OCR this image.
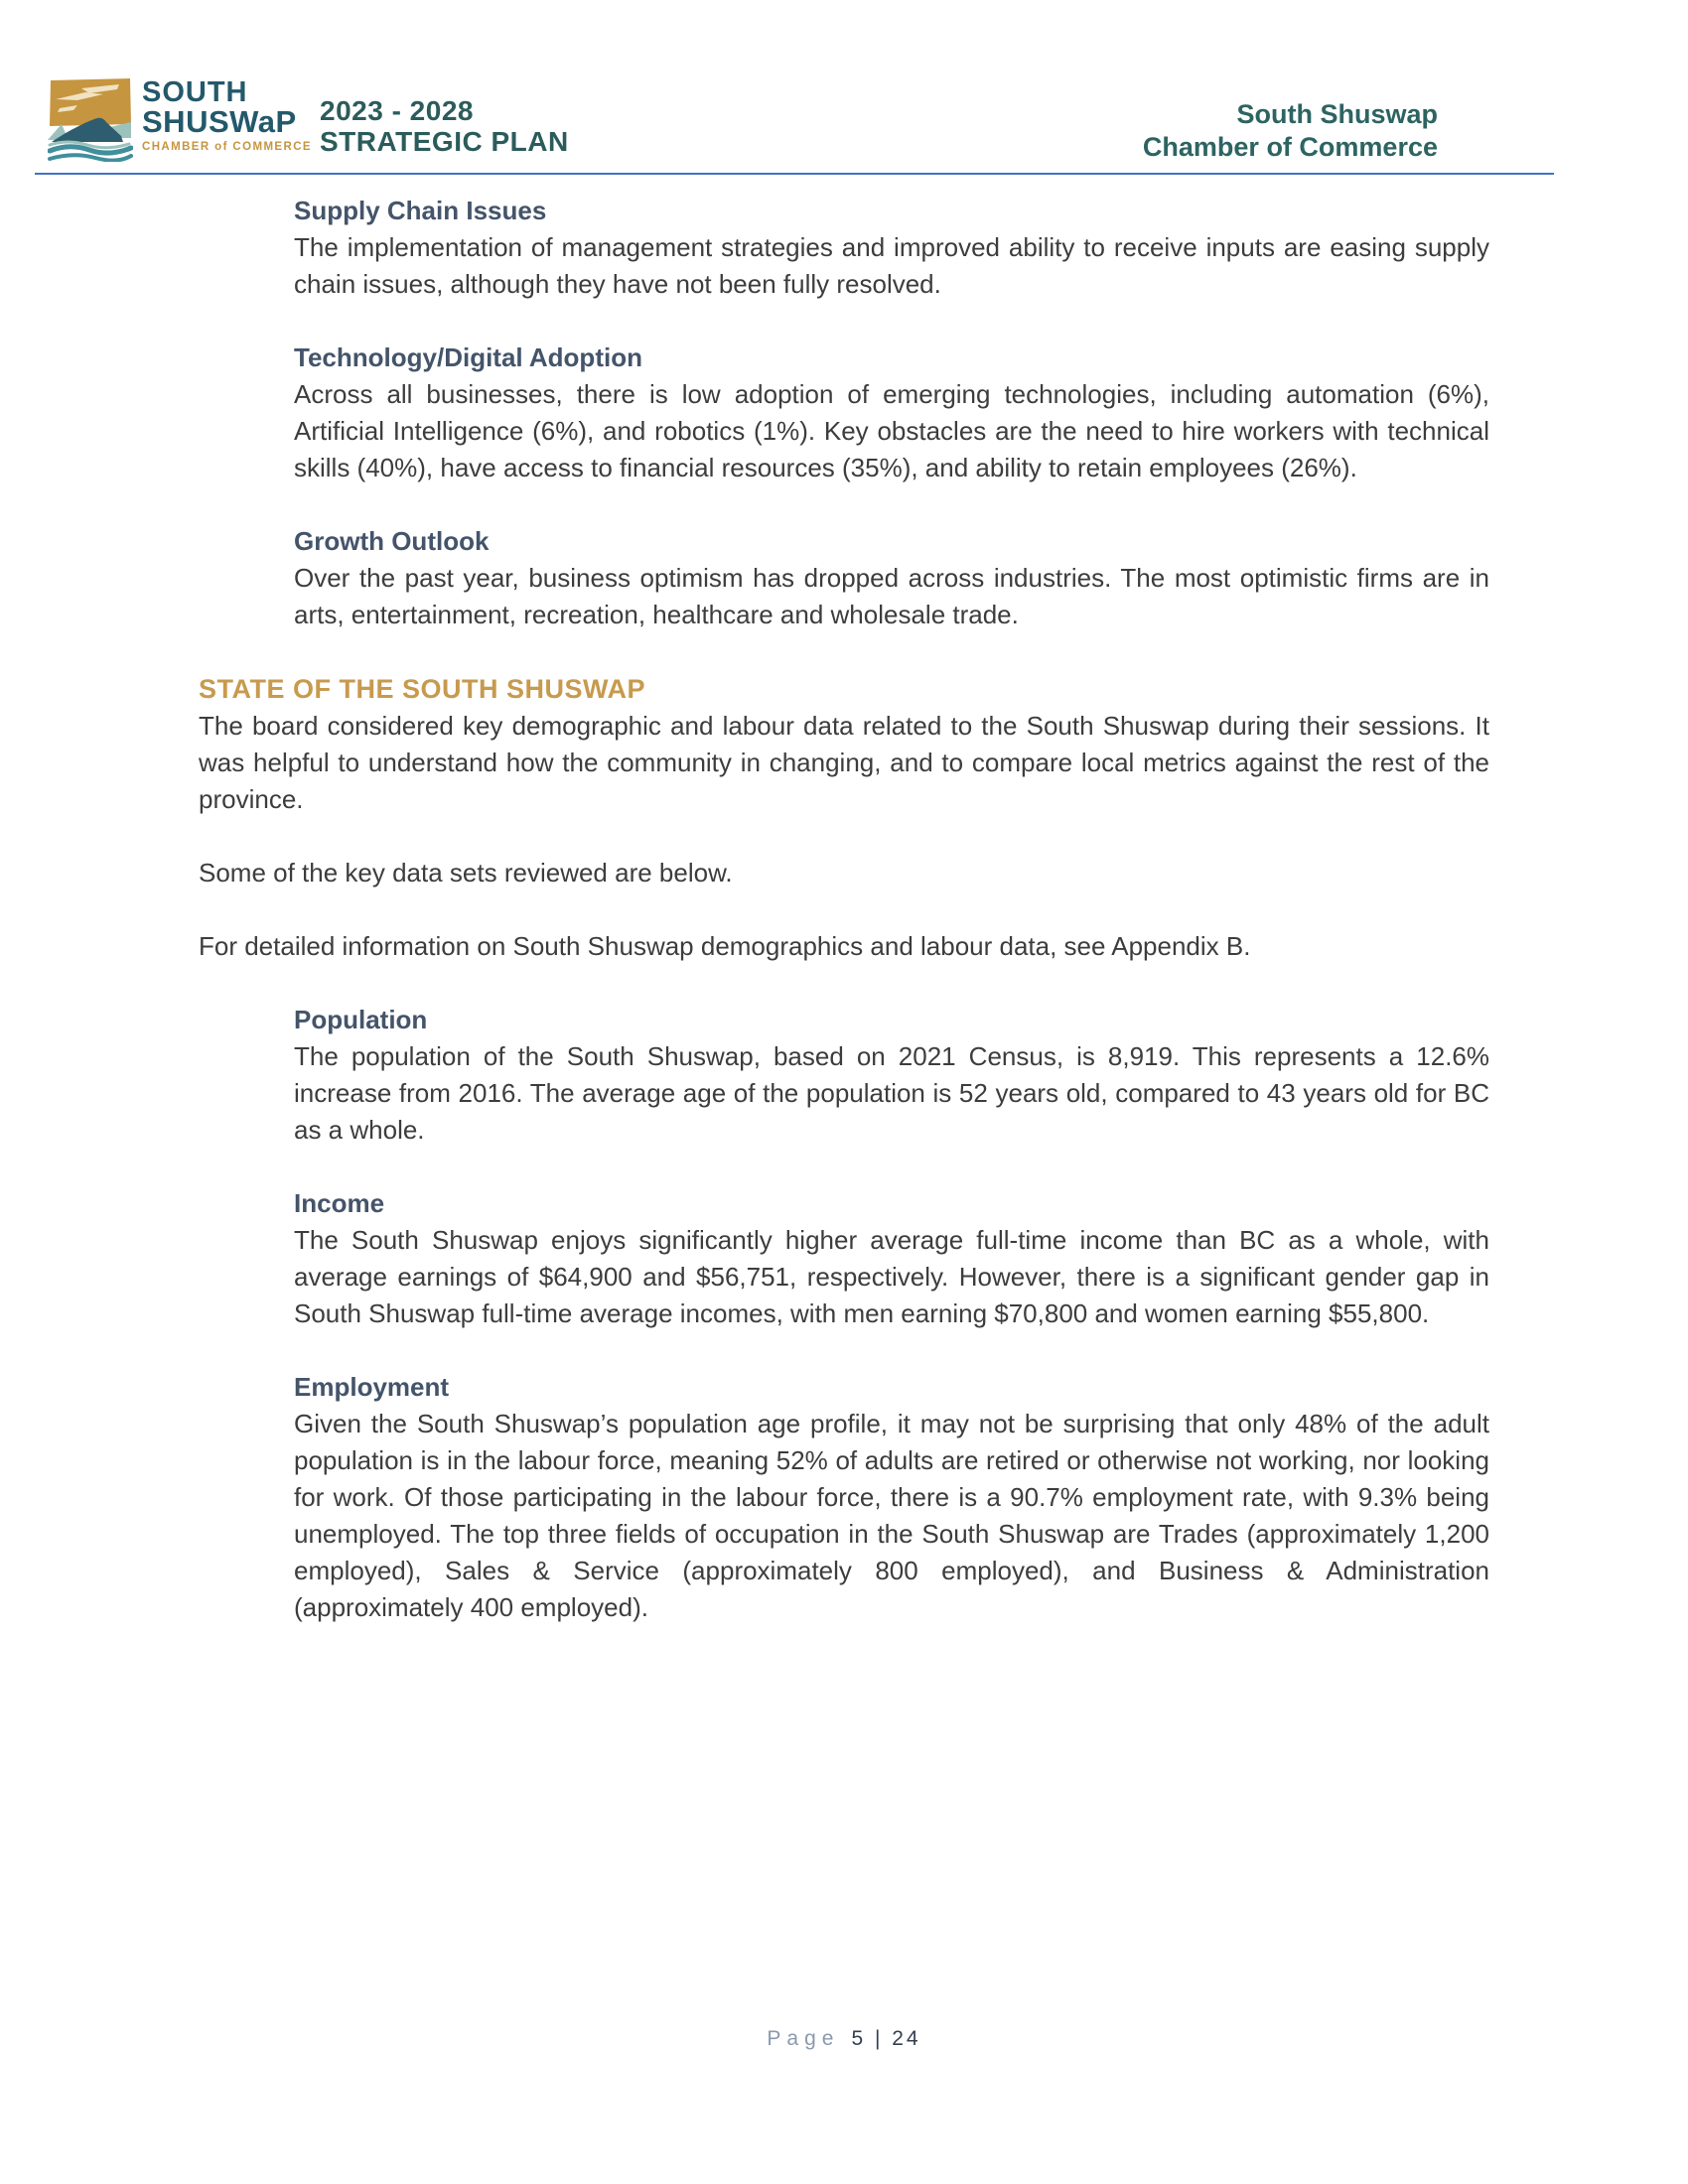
SOUTH
SHUSWaP
CHAMBER of COMMERCE
2023 - 2028
STRATEGIC PLAN
South Shuswap
Chamber of Commerce
Supply Chain Issues

The implementation of management strategies and improved ability to receive inputs are easing supply chain issues, although they have not been fully resolved.

Technology/Digital Adoption

Across all businesses, there is low adoption of emerging technologies, including automation (6%), Artificial Intelligence (6%), and robotics (1%). Key obstacles are the need to hire workers with technical skills (40%), have access to financial resources (35%), and ability to retain employees (26%).

Growth Outlook

Over the past year, business optimism has dropped across industries. The most optimistic firms are in arts, entertainment, recreation, healthcare and wholesale trade.

STATE OF THE SOUTH SHUSWAP

The board considered key demographic and labour data related to the South Shuswap during their sessions. It was helpful to understand how the community in changing, and to compare local metrics against the rest of the province.

Some of the key data sets reviewed are below.

For detailed information on South Shuswap demographics and labour data, see Appendix B.

Population

The population of the South Shuswap, based on 2021 Census, is 8,919. This represents a 12.6% increase from 2016. The average age of the population is 52 years old, compared to 43 years old for BC as a whole.

Income

The South Shuswap enjoys significantly higher average full-time income than BC as a whole, with average earnings of $64,900 and $56,751, respectively. However, there is a significant gender gap in South Shuswap full-time average incomes, with men earning $70,800 and women earning $55,800.

Employment

Given the South Shuswap’s population age profile, it may not be surprising that only 48% of the adult population is in the labour force, meaning 52% of adults are retired or otherwise not working, nor looking for work. Of those participating in the labour force, there is a 90.7% employment rate, with 9.3% being unemployed. The top three fields of occupation in the South Shuswap are Trades (approximately 1,200 employed), Sales & Service (approximately 800 employed), and Business & Administration (approximately 400 employed).

Page 5 | 24
